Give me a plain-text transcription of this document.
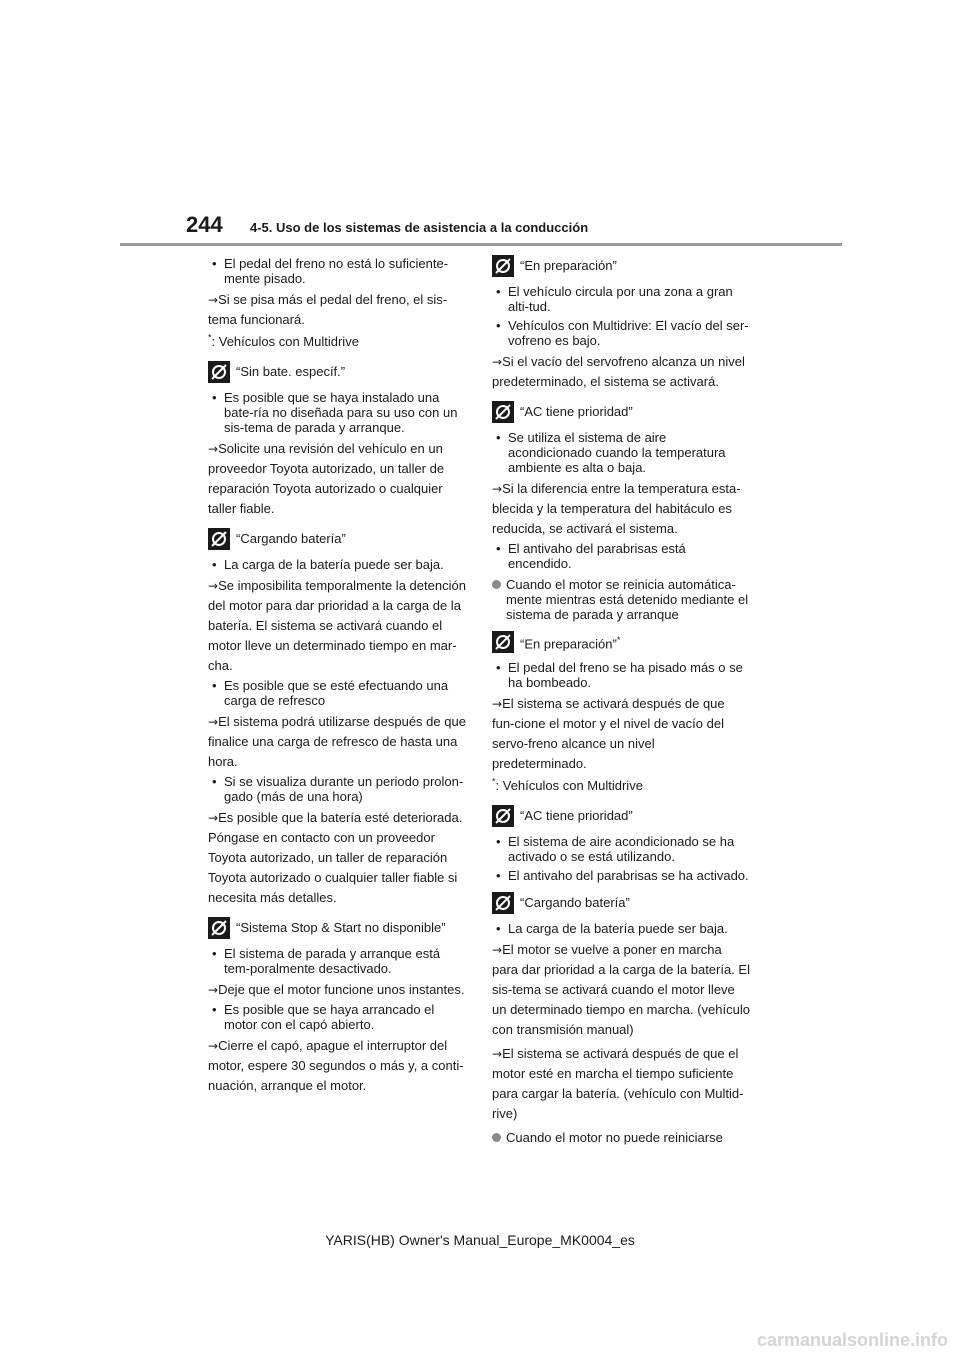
244 4-5. Uso de los sistemas de asistencia a la conducción
• El pedal del freno no está lo suficiente-mente pisado.

→Si se pisa más el pedal del freno, el sis-tema funcionará.

*: Vehículos con Multidrive

“Sin bate. específ.”
• Es posible que se haya instalado una bate-ría no diseñada para su uso con un sis-tema de parada y arranque.

→Solicite una revisión del vehículo en un proveedor Toyota autorizado, un taller de reparación Toyota autorizado o cualquier taller fiable.

“Cargando batería”
• La carga de la batería puede ser baja.

→Se imposibilita temporalmente la detención del motor para dar prioridad a la carga de la batería. El sistema se activará cuando el motor lleve un determinado tiempo en mar-cha.

• Es posible que se esté efectuando una carga de refresco

→El sistema podrá utilizarse después de que finalice una carga de refresco de hasta una hora.

• Si se visualiza durante un periodo prolon-gado (más de una hora)

→Es posible que la batería esté deteriorada. Póngase en contacto con un proveedor Toyota autorizado, un taller de reparación Toyota autorizado o cualquier taller fiable si necesita más detalles.

“Sistema Stop & Start no disponible”
• El sistema de parada y arranque está tem-poralmente desactivado.

→Deje que el motor funcione unos instantes.

• Es posible que se haya arrancado el motor con el capó abierto.

→Cierre el capó, apague el interruptor del motor, espere 30 segundos o más y, a conti-nuación, arranque el motor.

“En preparación”
• El vehículo circula por una zona a gran alti-tud.
• Vehículos con Multidrive: El vacío del ser-vofreno es bajo.

→Si el vacío del servofreno alcanza un nivel predeterminado, el sistema se activará.

“AC tiene prioridad”
• Se utiliza el sistema de aire acondicionado cuando la temperatura ambiente es alta o baja.

→Si la diferencia entre la temperatura esta-blecida y la temperatura del habitáculo es reducida, se activará el sistema.

• El antivaho del parabrisas está encendido.
Cuando el motor se reinicia automática-mente mientras está detenido mediante el sistema de parada y arranque
“En preparación”*
• El pedal del freno se ha pisado más o se ha bombeado.

→El sistema se activará después de que fun-cione el motor y el nivel de vacío del servo-freno alcance un nivel predeterminado.

*: Vehículos con Multidrive

“AC tiene prioridad”
• El sistema de aire acondicionado se ha activado o se está utilizando.
• El antivaho del parabrisas se ha activado.
“Cargando batería”
• La carga de la batería puede ser baja.

→El motor se vuelve a poner en marcha para dar prioridad a la carga de la batería. El sis-tema se activará cuando el motor lleve un determinado tiempo en marcha. (vehículo con transmisión manual)

→El sistema se activará después de que el motor esté en marcha el tiempo suficiente para cargar la batería. (vehículo con Multid-rive)

Cuando el motor no puede reiniciarse
YARIS(HB) Owner's Manual_Europe_MK0004_es
carmanualsonline.info
